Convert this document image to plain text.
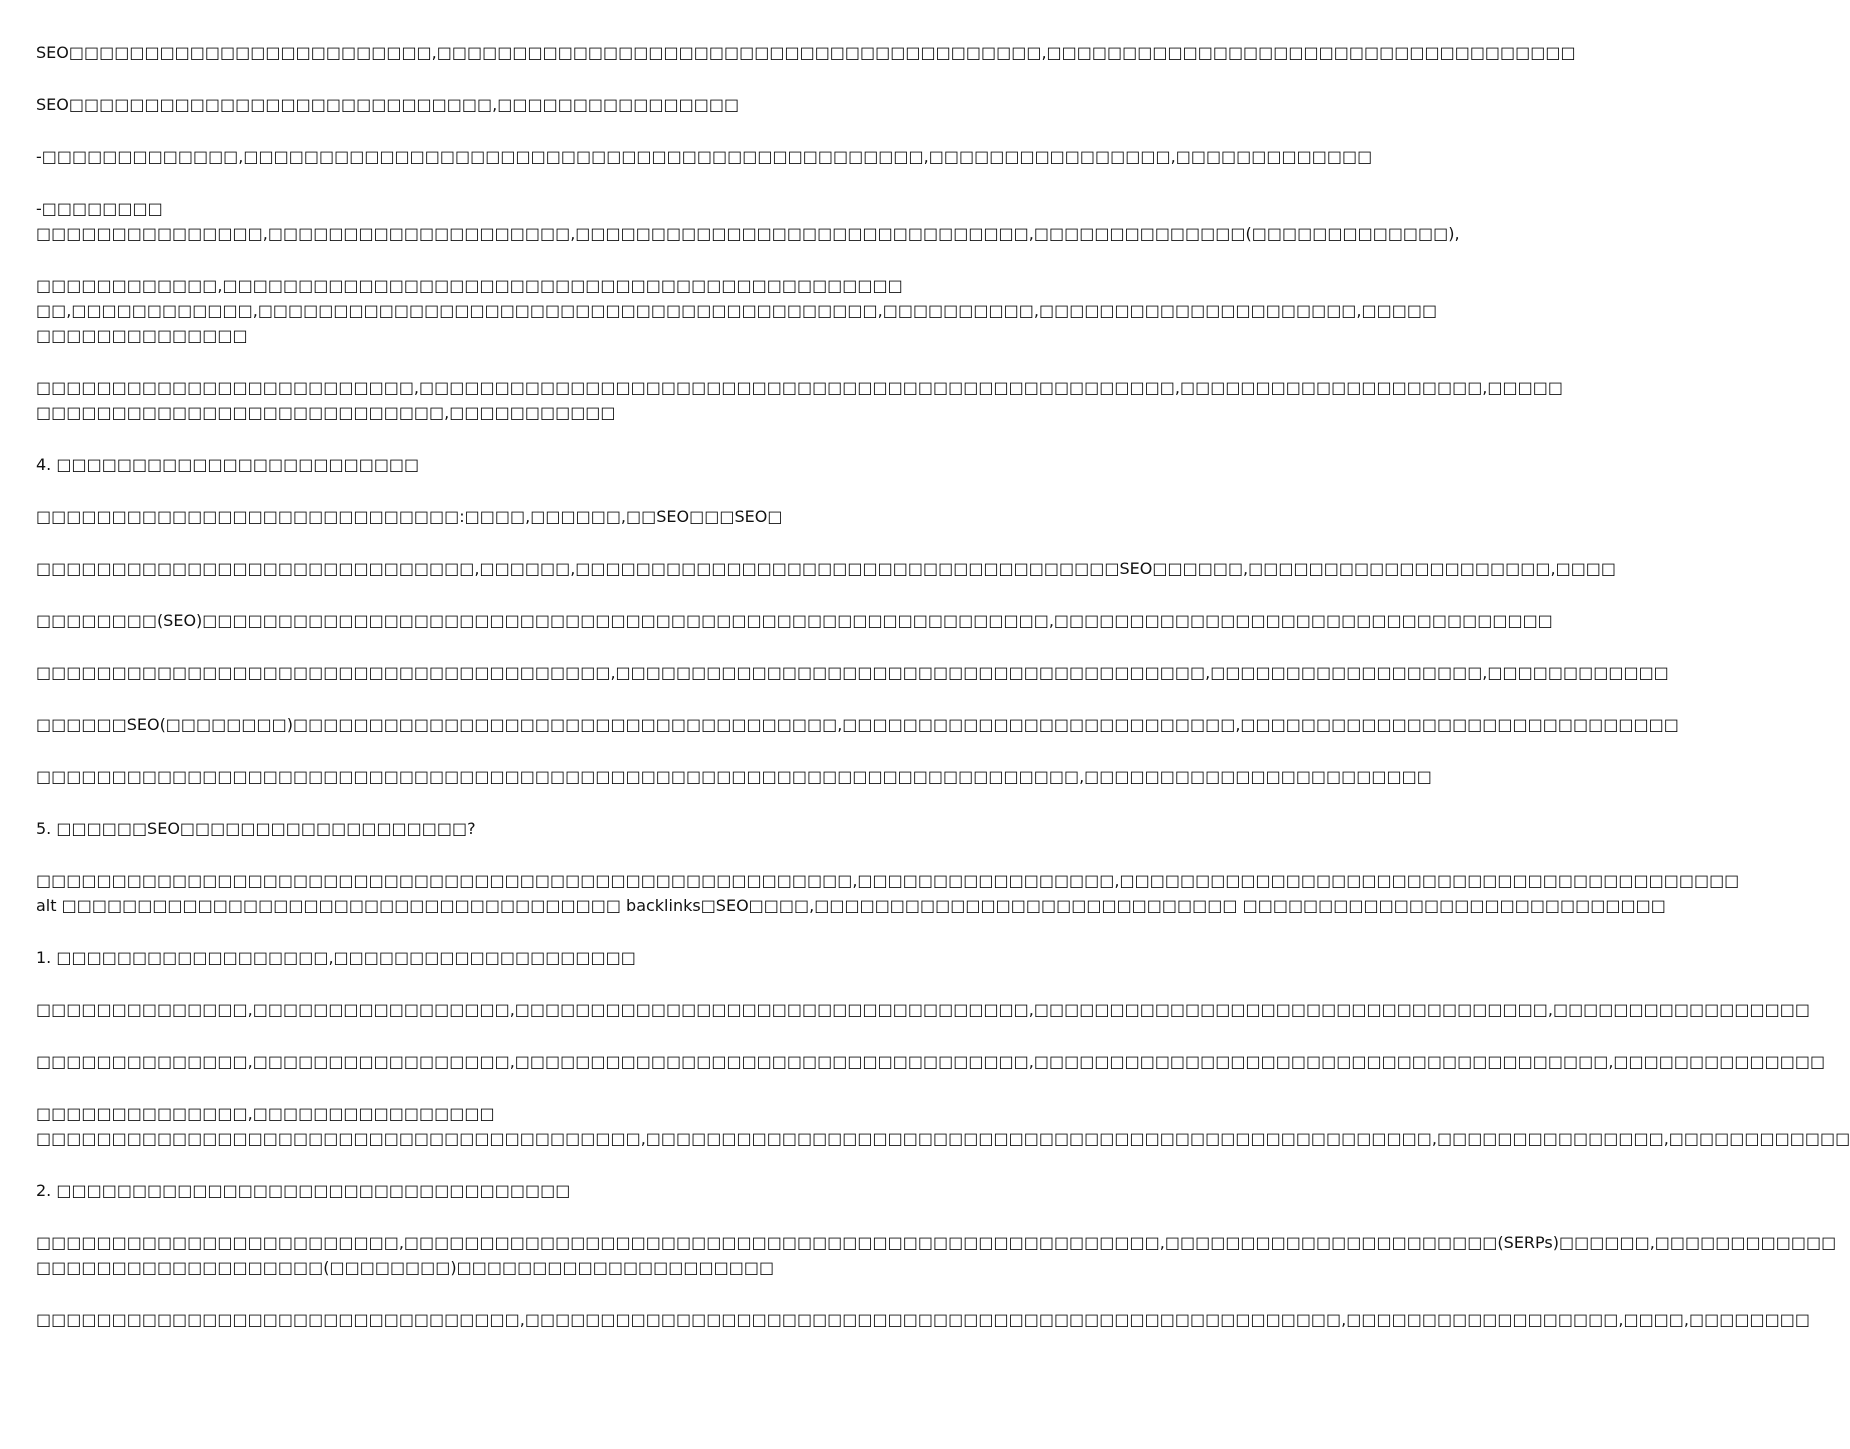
SEO□□□□□□□□□□□□□□□□□□□□□□□□,□□□□□□□□□□□□□□□□□□□□□□□□□□□□□□□□□□□□□□□□,□□□□□□□□□□□□□□□□□□□□□□□□□□□□□□□□□□□
SEO□□□□□□□□□□□□□□□□□□□□□□□□□□□□,□□□□□□□□□□□□□□□□
-□□□□□□□□□□□□□,□□□□□□□□□□□□□□□□□□□□□□□□□□□□□□□□□□□□□□□□□□□□□,□□□□□□□□□□□□□□□□,□□□□□□□□□□□□□
-□□□□□□□□
□□□□□□□□□□□□□□□,□□□□□□□□□□□□□□□□□□□□,□□□□□□□□□□□□□□□□□□□□□□□□□□□□□□,□□□□□□□□□□□□□□(□□□□□□□□□□□□□),
□□□□□□□□□□□□,□□□□□□□□□□□□□□□□□□□□□□□□□□□□□□□□□□□□□□□□□□□□□
□□,□□□□□□□□□□□□,□□□□□□□□□□□□□□□□□□□□□□□□□□□□□□□□□□□□□□□□□,□□□□□□□□□□,□□□□□□□□□□□□□□□□□□□□□,□□□□□
□□□□□□□□□□□□□□
□□□□□□□□□□□□□□□□□□□□□□□□□,□□□□□□□□□□□□□□□□□□□□□□□□□□□□□□□□□□□□□□□□□□□□□□□□□□,□□□□□□□□□□□□□□□□□□□□,□□□□□
□□□□□□□□□□□□□□□□□□□□□□□□□□□,□□□□□□□□□□□
4. □□□□□□□□□□□□□□□□□□□□□□□□
□□□□□□□□□□□□□□□□□□□□□□□□□□□□:□□□□,□□□□□□,□□SEO□□□SEO□
□□□□□□□□□□□□□□□□□□□□□□□□□□□□□,□□□□□□,□□□□□□□□□□□□□□□□□□□□□□□□□□□□□□□□□□□□SEO□□□□□□,□□□□□□□□□□□□□□□□□□□□,□□□□
□□□□□□□□(SEO)□□□□□□□□□□□□□□□□□□□□□□□□□□□□□□□□□□□□□□□□□□□□□□□□□□□□□□□□,□□□□□□□□□□□□□□□□□□□□□□□□□□□□□□□□□
□□□□□□□□□□□□□□□□□□□□□□□□□□□□□□□□□□□□□□,□□□□□□□□□□□□□□□□□□□□□□□□□□□□□□□□□□□□□□□,□□□□□□□□□□□□□□□□□□,□□□□□□□□□□□□
□□□□□□SEO(□□□□□□□□)□□□□□□□□□□□□□□□□□□□□□□□□□□□□□□□□□□□□,□□□□□□□□□□□□□□□□□□□□□□□□□□,□□□□□□□□□□□□□□□□□□□□□□□□□□□□□
□□□□□□□□□□□□□□□□□□□□□□□□□□□□□□□□□□□□□□□□□□□□□□□□□□□□□□□□□□□□□□□□□□□□□,□□□□□□□□□□□□□□□□□□□□□□□
5. □□□□□□SEO□□□□□□□□□□□□□□□□□□□?
□□□□□□□□□□□□□□□□□□□□□□□□□□□□□□□□□□□□□□□□□□□□□□□□□□□□□□,□□□□□□□□□□□□□□□□□,□□□□□□□□□□□□□□□□□□□□□□□□□□□□□□□□□□□□□□□□□
alt □□□□□□□□□□□□□□□□□□□□□□□□□□□□□□□□□□□□□ backlinks□SEO□□□□,□□□□□□□□□□□□□□□□□□□□□□□□□□□□ □□□□□□□□□□□□□□□□□□□□□□□□□□□□
1. □□□□□□□□□□□□□□□□□□,□□□□□□□□□□□□□□□□□□□□
□□□□□□□□□□□□□□,□□□□□□□□□□□□□□□□□,□□□□□□□□□□□□□□□□□□□□□□□□□□□□□□□□□□,□□□□□□□□□□□□□□□□□□□□□□□□□□□□□□□□□□,□□□□□□□□□□□□□□□□□
□□□□□□□□□□□□□□,□□□□□□□□□□□□□□□□□,□□□□□□□□□□□□□□□□□□□□□□□□□□□□□□□□□□,□□□□□□□□□□□□□□□□□□□□□□□□□□□□□□□□□□□□□□,□□□□□□□□□□□□□□
□□□□□□□□□□□□□□,□□□□□□□□□□□□□□□□
□□□□□□□□□□□□□□□□□□□□□□□□□□□□□□□□□□□□□□□□,□□□□□□□□□□□□□□□□□□□□□□□□□□□□□□□□□□□□□□□□□□□□□□□□□□□□,□□□□□□□□□□□□□□□,□□□□□□□□□□□□
2. □□□□□□□□□□□□□□□□□□□□□□□□□□□□□□□□□□
□□□□□□□□□□□□□□□□□□□□□□□□,□□□□□□□□□□□□□□□□□□□□□□□□□□□□□□□□□□□□□□□□□□□□□□□□□□,□□□□□□□□□□□□□□□□□□□□□□(SERPs)□□□□□□,□□□□□□□□□□□□
□□□□□□□□□□□□□□□□□□□(□□□□□□□□)□□□□□□□□□□□□□□□□□□□□□
□□□□□□□□□□□□□□□□□□□□□□□□□□□□□□□□,□□□□□□□□□□□□□□□□□□□□□□□□□□□□□□□□□□□□□□□□□□□□□□□□□□□□□□,□□□□□□□□□□□□□□□□□□,□□□□,□□□□□□□□
